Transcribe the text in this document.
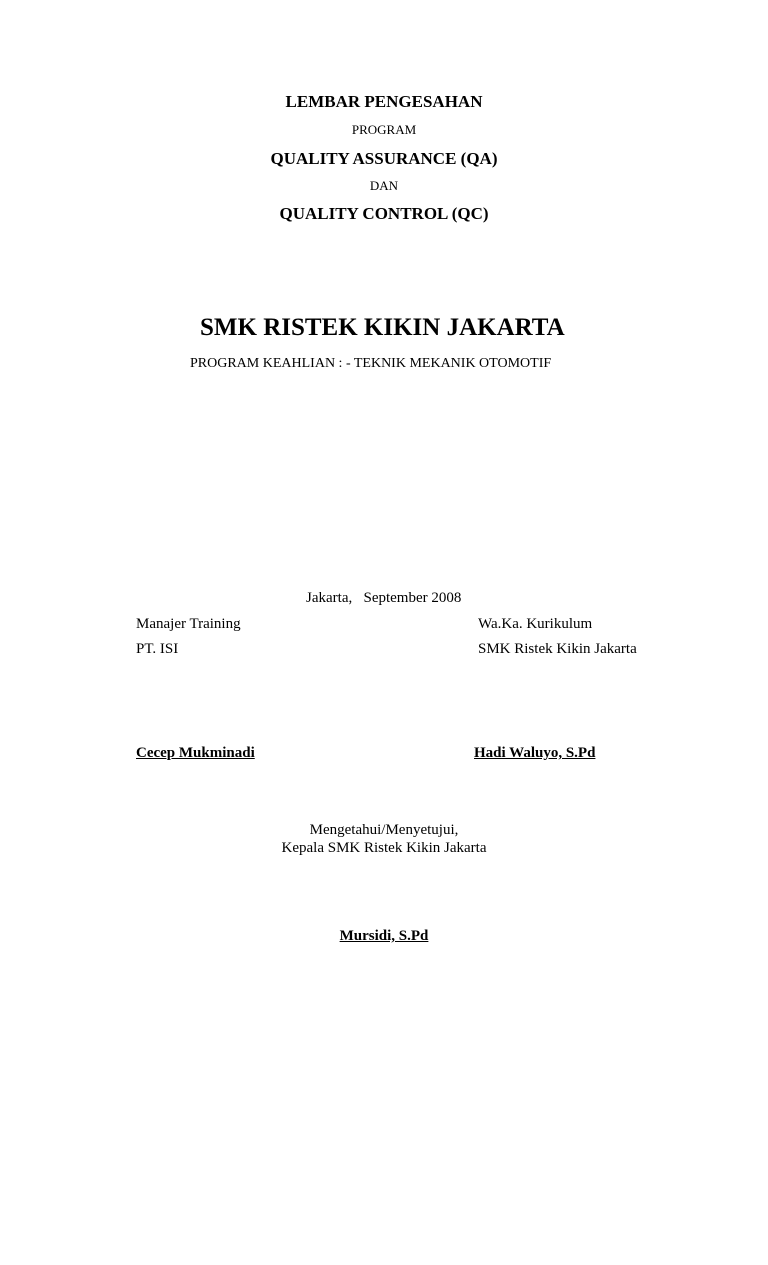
LEMBAR PENGESAHAN
PROGRAM
QUALITY ASSURANCE (QA)
DAN
QUALITY CONTROL (QC)
SMK RISTEK KIKIN JAKARTA
PROGRAM KEAHLIAN : - TEKNIK MEKANIK OTOMOTIF
Jakarta,   September 2008
Manajer Training
PT. ISI
Cecep Mukminadi
Wa.Ka. Kurikulum
SMK Ristek Kikin Jakarta
Hadi Waluyo, S.Pd
Mengetahui/Menyetujui,
Kepala SMK Ristek Kikin Jakarta
Mursidi, S.Pd
